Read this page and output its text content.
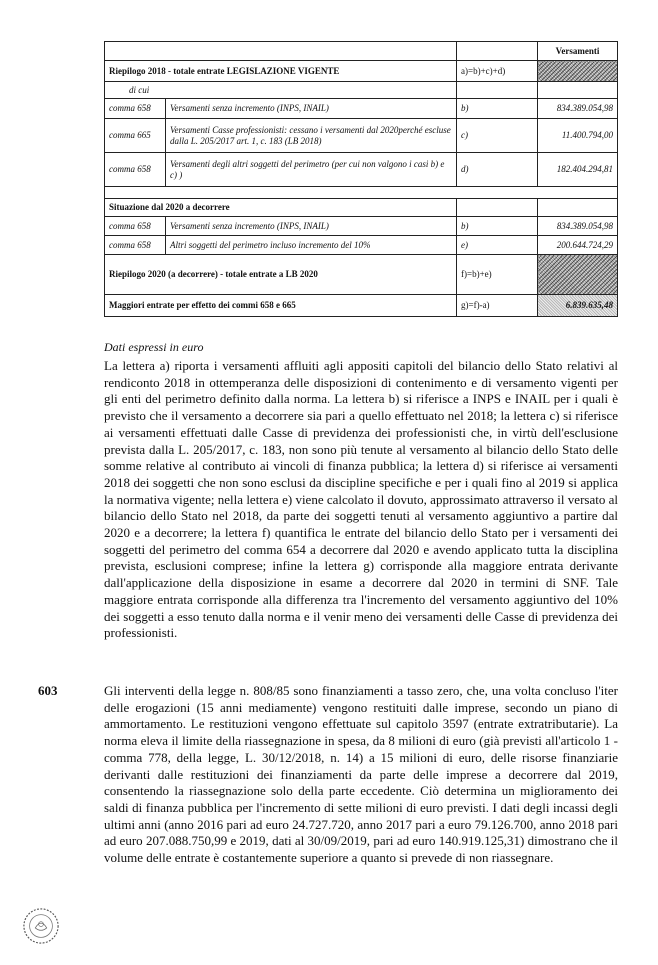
			Versamenti
Riepilogo 2018 - totale entrate LEGISLAZIONE VIGENTE		a)=b)+c)+d)	
di cui			
comma 658	Versamenti senza incremento (INPS, INAIL)	b)	834.389.054,98
comma 665	Versamenti Casse professionisti: cessano i versamenti dal 2020perché escluse dalla L. 205/2017 art. 1, c. 183 (LB 2018)	c)	11.400.794,00
comma 658	Versamenti degli altri soggetti del perimetro (per cui non valgono i casi b) e c) )	d)	182.404.294,81

Situazione dal 2020 a decorrere			
comma 658	Versamenti senza incremento (INPS, INAIL)	b)	834.389.054,98
comma 658	Altri soggetti del perimetro incluso incremento del 10%	e)	200.644.724,29
Riepilogo 2020 (a decorrere) - totale entrate a LB 2020		f)=b)+e)	
Maggiori entrate per effetto dei commi 658 e 665		g)=f)-a)	6.839.635,48
Dati espressi in euro

La lettera a) riporta i versamenti affluiti agli appositi capitoli del bilancio dello Stato relativi al rendiconto 2018 in ottemperanza delle disposizioni di contenimento e di versamento vigenti per gli enti del perimetro definito dalla norma. La lettera b) si riferisce a INPS e INAIL per i quali è previsto che il versamento a decorrere sia pari a quello effettuato nel 2018; la lettera c) si riferisce ai versamenti effettuati dalle Casse di previdenza dei professionisti che, in virtù dell'esclusione prevista dalla L. 205/2017, c. 183, non sono più tenute al versamento al bilancio dello Stato delle somme relative al contributo ai vincoli di finanza pubblica; la lettera d) si riferisce ai versamenti 2018 dei soggetti che non sono esclusi da discipline specifiche e per i quali fino al 2019 si applica la normativa vigente; nella lettera e) viene calcolato il dovuto, approssimato attraverso il versato al bilancio dello Stato nel 2018, da parte dei soggetti tenuti al versamento aggiuntivo a partire dal 2020 e a decorrere; la lettera f) quantifica le entrate del bilancio dello Stato per i versamenti dei soggetti del perimetro del comma 654 a decorrere dal 2020 e avendo applicato tutta la disciplina prevista, esclusioni comprese; infine la lettera g) corrisponde alla maggiore entrata derivante dall'applicazione della disposizione in esame a decorrere dal 2020 in termini di SNF. Tale maggiore entrata corrisponde alla differenza tra l'incremento del versamento aggiuntivo del 10% dei soggetti a esso tenuto dalla norma e il venir meno dei versamenti delle Casse di previdenza dei professionisti.

603	Gli interventi della legge n. 808/85 sono finanziamenti a tasso zero, che, una volta concluso l'iter delle erogazioni (15 anni mediamente) vengono restituiti dalle imprese, secondo un piano di ammortamento. Le restituzioni vengono effettuate sul capitolo 3597 (entrate extratributarie). La norma eleva il limite della riassegnazione in spesa, da 8 milioni di euro (già previsti all'articolo 1 - comma 778, della legge, L. 30/12/2018, n. 14) a 15 milioni di euro, delle risorse finanziarie derivanti dalle restituzioni dei finanziamenti da parte delle imprese a decorrere dal 2019, consentendo la riassegnazione solo della parte eccedente. Ciò determina un miglioramento dei saldi di finanza pubblica per l'incremento di sette milioni di euro previsti. I dati degli incassi degli ultimi anni (anno 2016 pari ad euro 24.727.720, anno 2017 pari a euro 79.126.700, anno 2018 pari ad euro 207.088.750,99 e 2019, dati al 30/09/2019, pari ad euro 140.919.125,31) dimostrano che il volume delle entrate è costantemente superiore a quanto si prevede di non riassegnare.
